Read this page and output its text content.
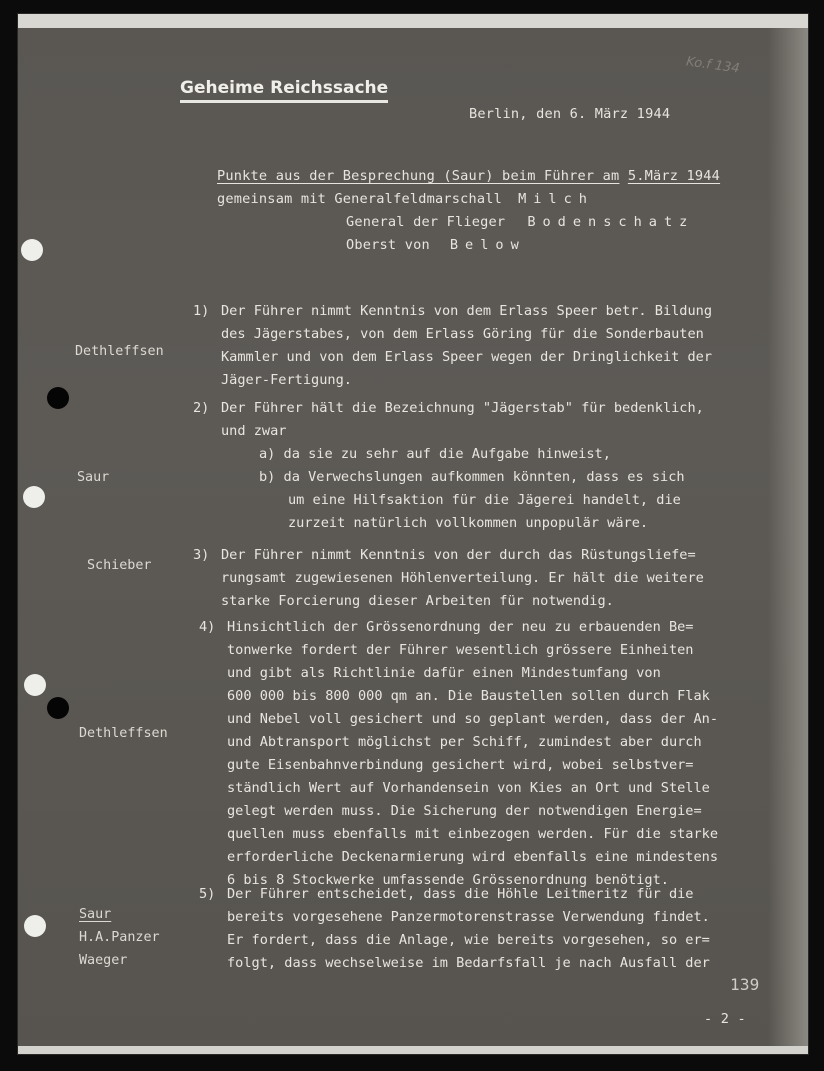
Geheime Reichssache
Ko.f 134
Berlin, den 6. März 1944
Punkte aus der Besprechung (Saur) beim Führer am 5.März 1944
gemeinsam mit Generalfeldmarschall Milch
General der Flieger Bodenschatz
Oberst von Below
Dethleffsen
Saur
Schieber
Dethleffsen
Saur
H.A.Panzer
Waeger
1) Der Führer nimmt Kenntnis von dem Erlass Speer betr. Bildung
des Jägerstabes, von dem Erlass Göring für die Sonderbauten
Kammler und von dem Erlass Speer wegen der Dringlichkeit der
Jäger-Fertigung.
2) Der Führer hält die Bezeichnung "Jägerstab" für bedenklich,
und zwar
a) da sie zu sehr auf die Aufgabe hinweist,
b) da Verwechslungen aufkommen könnten, dass es sich
um eine Hilfsaktion für die Jägerei handelt, die
zurzeit natürlich vollkommen unpopulär wäre.
3) Der Führer nimmt Kenntnis von der durch das Rüstungsliefe=
rungsamt zugewiesenen Höhlenverteilung. Er hält die weitere
starke Forcierung dieser Arbeiten für notwendig.
4) Hinsichtlich der Grössenordnung der neu zu erbauenden Be=
tonwerke fordert der Führer wesentlich grössere Einheiten
und gibt als Richtlinie dafür einen Mindestumfang von
600 000 bis 800 000 qm an. Die Baustellen sollen durch Flak
und Nebel voll gesichert und so geplant werden, dass der An-
und Abtransport möglichst per Schiff, zumindest aber durch
gute Eisenbahnverbindung gesichert wird, wobei selbstver=
ständlich Wert auf Vorhandensein von Kies an Ort und Stelle
gelegt werden muss. Die Sicherung der notwendigen Energie=
quellen muss ebenfalls mit einbezogen werden. Für die starke
erforderliche Deckenarmierung wird ebenfalls eine mindestens
6 bis 8 Stockwerke umfassende Grössenordnung benötigt.
5) Der Führer entscheidet, dass die Höhle Leitmeritz für die
bereits vorgesehene Panzermotorenstrasse Verwendung findet.
Er fordert, dass die Anlage, wie bereits vorgesehen, so er=
folgt, dass wechselweise im Bedarfsfall je nach Ausfall der
139
- 2 -
